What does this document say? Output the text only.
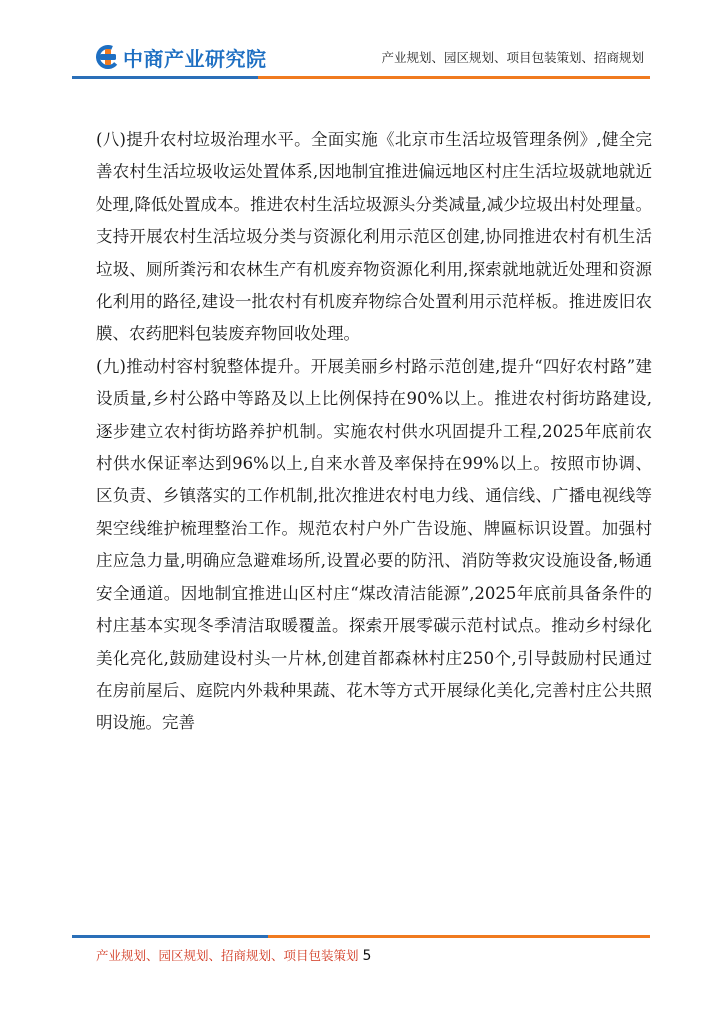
中商产业研究院	产业规划、园区规划、项目包装策划、招商规划

(八)提升农村垃圾治理水平。全面实施《北京市生活垃圾管理条例》,健全完善农村生活垃圾收运处置体系,因地制宜推进偏远地区村庄生活垃圾就地就近处理,降低处置成本。推进农村生活垃圾源头分类减量,减少垃圾出村处理量。支持开展农村生活垃圾分类与资源化利用示范区创建,协同推进农村有机生活垃圾、厕所粪污和农林生产有机废弃物资源化利用,探索就地就近处理和资源化利用的路径,建设一批农村有机废弃物综合处置利用示范样板。推进废旧农膜、农药肥料包装废弃物回收处理。

(九)推动村容村貌整体提升。开展美丽乡村路示范创建,提升“四好农村路”建设质量,乡村公路中等路及以上比例保持在90%以上。推进农村街坊路建设,逐步建立农村街坊路养护机制。实施农村供水巩固提升工程,2025年底前农村供水保证率达到96%以上,自来水普及率保持在99%以上。按照市协调、区负责、乡镇落实的工作机制,批次推进农村电力线、通信线、广播电视线等架空线维护梳理整治工作。规范农村户外广告设施、牌匾标识设置。加强村庄应急力量,明确应急避难场所,设置必要的防汛、消防等救灾设施设备,畅通安全通道。因地制宜推进山区村庄“煤改清洁能源”,2025年底前具备条件的村庄基本实现冬季清洁取暖覆盖。探索开展零碳示范村试点。推动乡村绿化美化亮化,鼓励建设村头一片林,创建首都森林村庄250个,引导鼓励村民通过在房前屋后、庭院内外栽种果蔬、花木等方式开展绿化美化,完善村庄公共照明设施。完善

产业规划、园区规划、招商规划、项目包装策划 5
